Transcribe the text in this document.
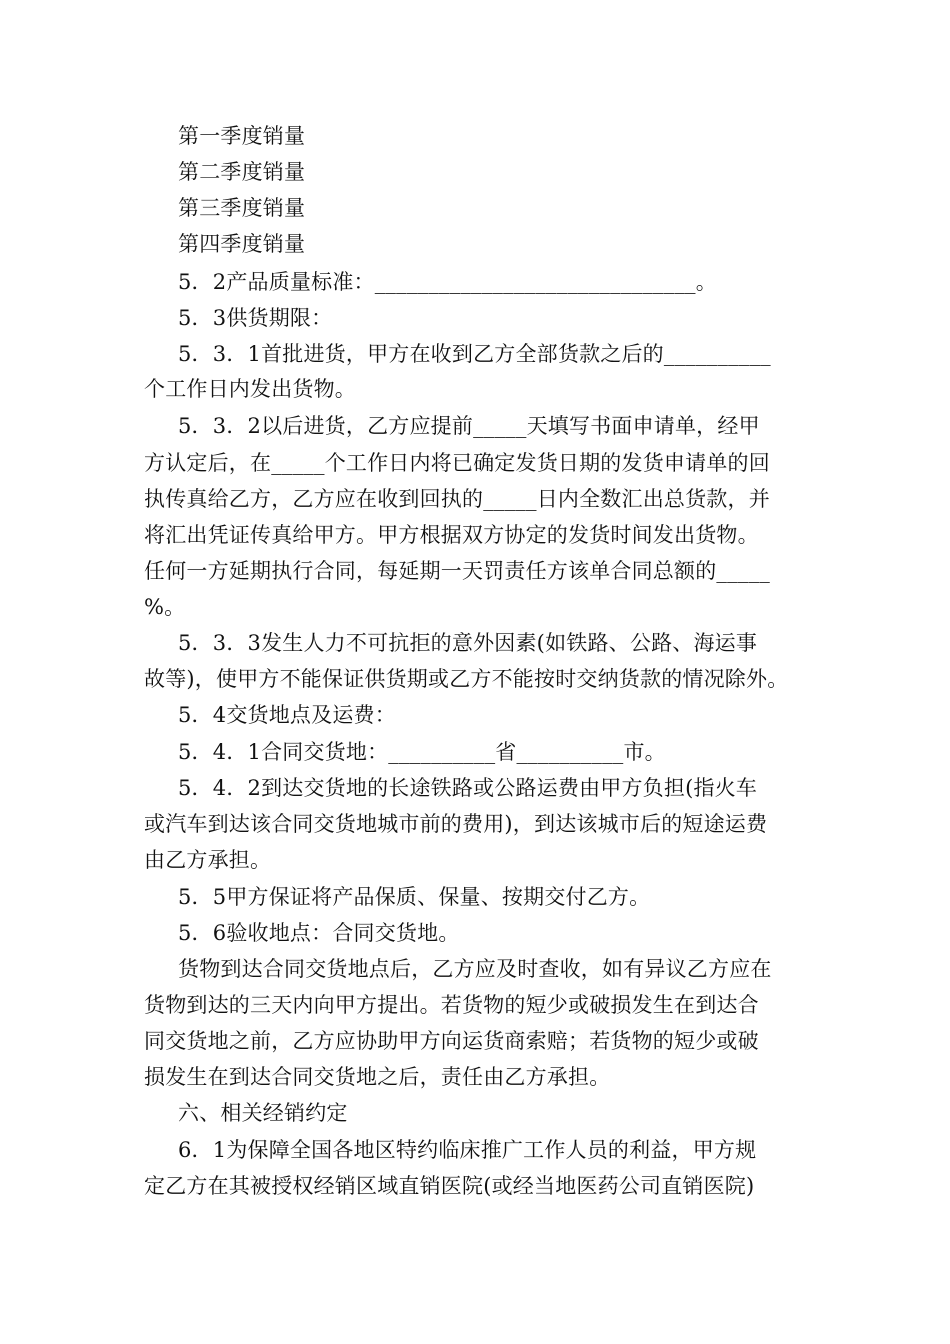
第一季度销量
第二季度销量
第三季度销量
第四季度销量
5．2产品质量标准：______________________________。
5．3供货期限：
5．3．1首批进货，甲方在收到乙方全部货款之后的__________
个工作日内发出货物。
5．3．2以后进货，乙方应提前_____天填写书面申请单，经甲
方认定后，在_____个工作日内将已确定发货日期的发货申请单的回
执传真给乙方，乙方应在收到回执的_____日内全数汇出总货款，并
将汇出凭证传真给甲方。甲方根据双方协定的发货时间发出货物。
任何一方延期执行合同，每延期一天罚责任方该单合同总额的_____
%。
5．3．3发生人力不可抗拒的意外因素(如铁路、公路、海运事
故等)，使甲方不能保证供货期或乙方不能按时交纳货款的情况除外。
5．4交货地点及运费：
5．4．1合同交货地：__________省__________市。
5．4．2到达交货地的长途铁路或公路运费由甲方负担(指火车
或汽车到达该合同交货地城市前的费用)，到达该城市后的短途运费
由乙方承担。
5．5甲方保证将产品保质、保量、按期交付乙方。
5．6验收地点：合同交货地。
货物到达合同交货地点后，乙方应及时查收，如有异议乙方应在
货物到达的三天内向甲方提出。若货物的短少或破损发生在到达合
同交货地之前，乙方应协助甲方向运货商索赔；若货物的短少或破
损发生在到达合同交货地之后，责任由乙方承担。
六、相关经销约定
6．1为保障全国各地区特约临床推广工作人员的利益，甲方规
定乙方在其被授权经销区域直销医院(或经当地医药公司直销医院)
